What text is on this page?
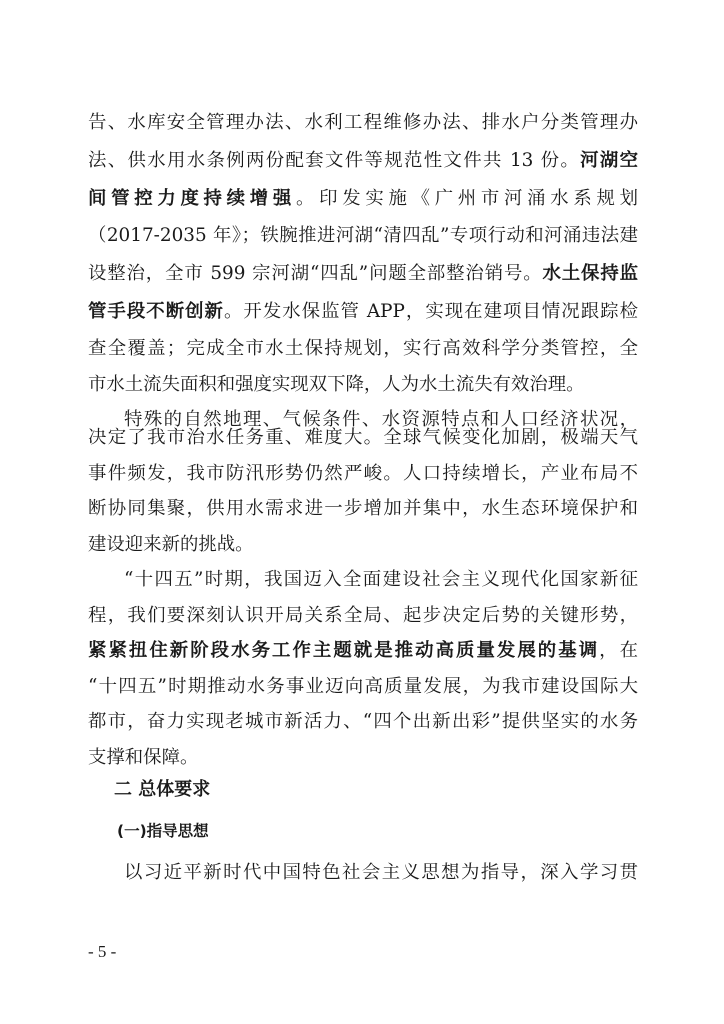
告、水库安全管理办法、水利工程维修办法、排水户分类管理办
法、供水用水条例两份配套文件等规范性文件共 13 份。河湖空
间管控力度持续增强。印发实施《广州市河涌水系规划
（2017-2035 年》；铁腕推进河湖“清四乱”专项行动和河涌违法建
设整治，全市 599 宗河湖“四乱”问题全部整治销号。水土保持监
管手段不断创新。开发水保监管 APP，实现在建项目情况跟踪检
查全覆盖；完成全市水土保持规划，实行高效科学分类管控，全
市水土流失面积和强度实现双下降，人为水土流失有效治理。
特殊的自然地理、气候条件、水资源特点和人口经济状况，
决定了我市治水任务重、难度大。全球气候变化加剧，极端天气
事件频发，我市防汛形势仍然严峻。人口持续增长，产业布局不
断协同集聚，供用水需求进一步增加并集中，水生态环境保护和
建设迎来新的挑战。
“十四五”时期，我国迈入全面建设社会主义现代化国家新征
程，我们要深刻认识开局关系全局、起步决定后势的关键形势，
紧紧扭住新阶段水务工作主题就是推动高质量发展的基调，在
“十四五”时期推动水务事业迈向高质量发展，为我市建设国际大
都市，奋力实现老城市新活力、“四个出新出彩”提供坚实的水务
支撑和保障。
二 总体要求
(一)指导思想
以习近平新时代中国特色社会主义思想为指导，深入学习贯
- 5 -
